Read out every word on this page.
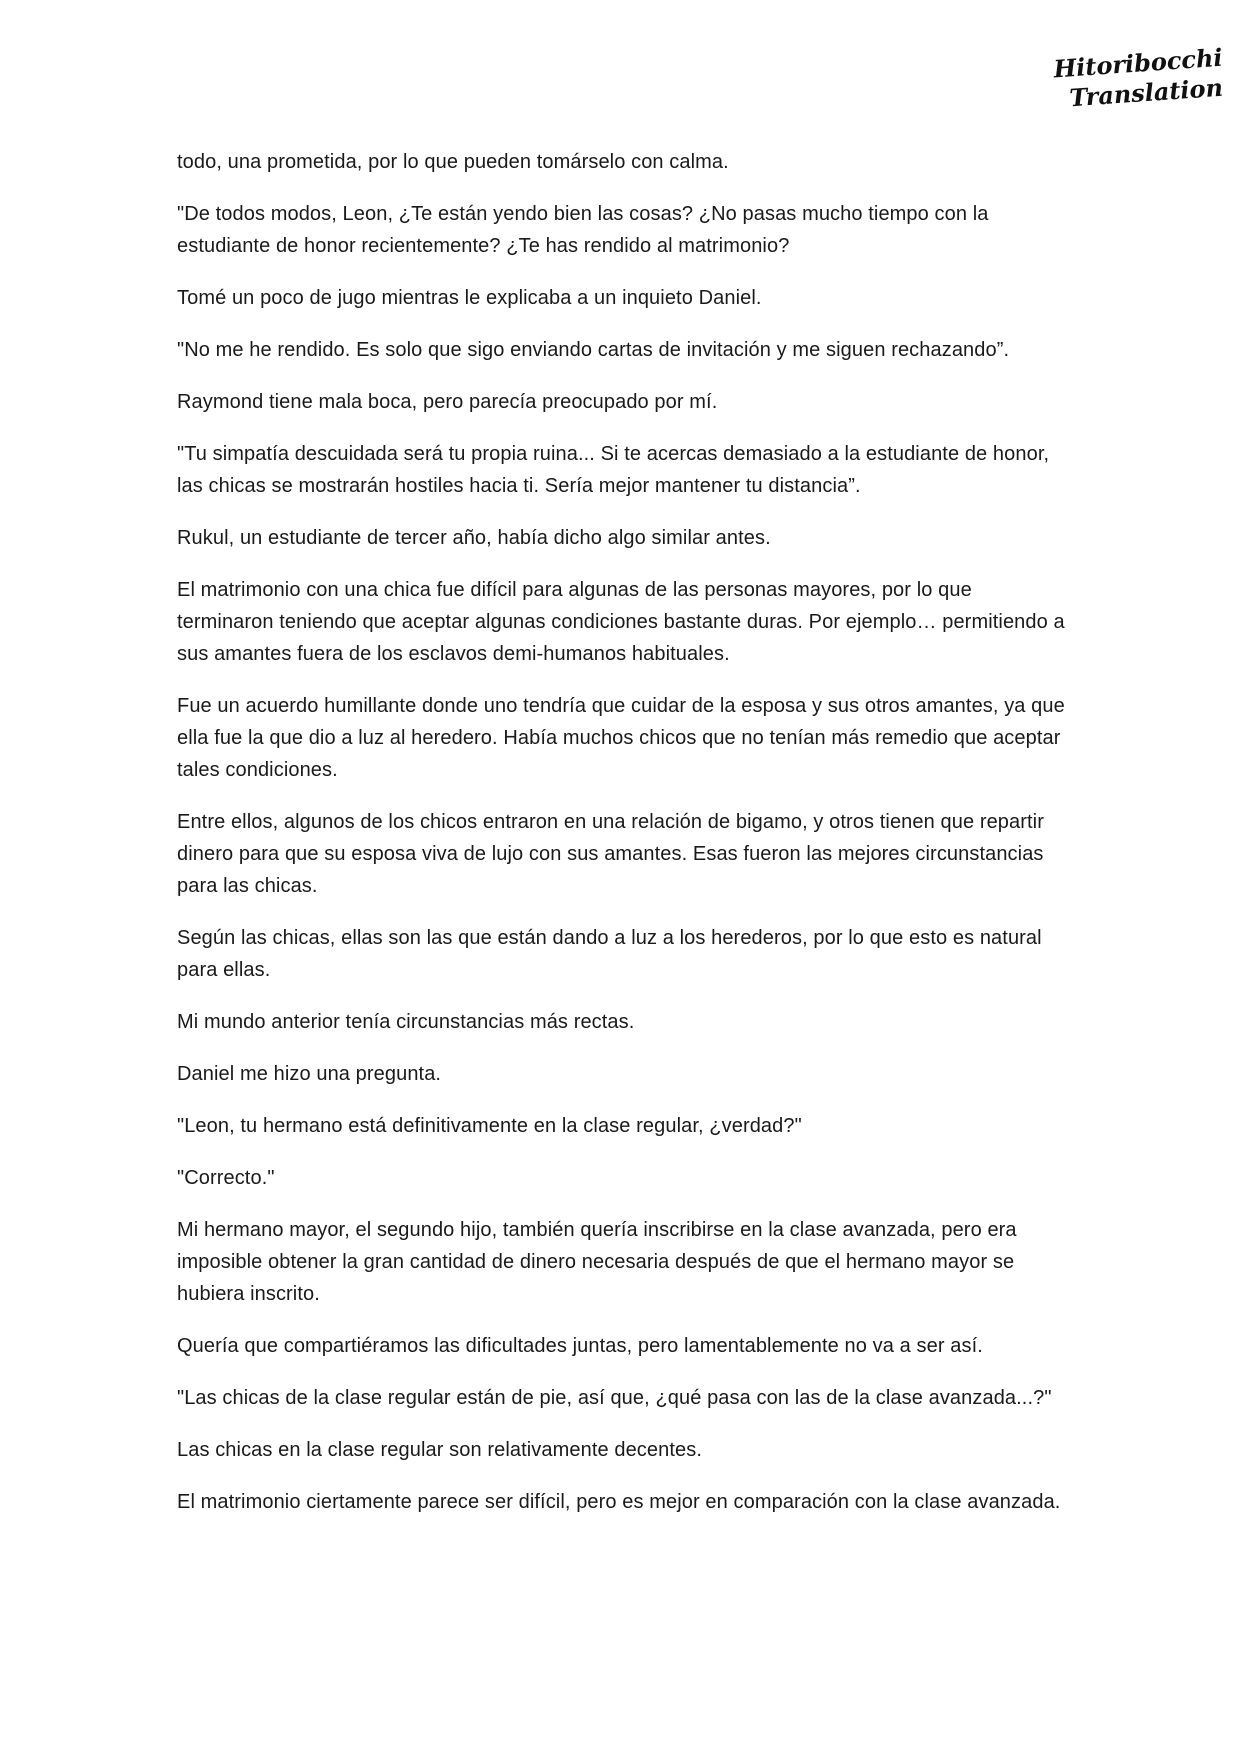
Hitoribocchi
Translation

todo, una prometida, por lo que pueden tomárselo con calma.

"De todos modos, Leon, ¿Te están yendo bien las cosas? ¿No pasas mucho tiempo con la estudiante de honor recientemente? ¿Te has rendido al matrimonio?

Tomé un poco de jugo mientras le explicaba a un inquieto Daniel.

"No me he rendido. Es solo que sigo enviando cartas de invitación y me siguen rechazando”.

Raymond tiene mala boca, pero parecía preocupado por mí.

"Tu simpatía descuidada será tu propia ruina... Si te acercas demasiado a la estudiante de honor, las chicas se mostrarán hostiles hacia ti. Sería mejor mantener tu distancia”.

Rukul, un estudiante de tercer año, había dicho algo similar antes.

El matrimonio con una chica fue difícil para algunas de las personas mayores, por lo que terminaron teniendo que aceptar algunas condiciones bastante duras. Por ejemplo… permitiendo a sus amantes fuera de los esclavos demi-humanos habituales.

Fue un acuerdo humillante donde uno tendría que cuidar de la esposa y sus otros amantes, ya que ella fue la que dio a luz al heredero. Había muchos chicos que no tenían más remedio que aceptar tales condiciones.

Entre ellos, algunos de los chicos entraron en una relación de bigamo, y otros tienen que repartir dinero para que su esposa viva de lujo con sus amantes. Esas fueron las mejores circunstancias para las chicas.

Según las chicas, ellas son las que están dando a luz a los herederos, por lo que esto es natural para ellas.

Mi mundo anterior tenía circunstancias más rectas.

Daniel me hizo una pregunta.

"Leon, tu hermano está definitivamente en la clase regular, ¿verdad?"

"Correcto."

Mi hermano mayor, el segundo hijo, también quería inscribirse en la clase avanzada, pero era imposible obtener la gran cantidad de dinero necesaria después de que el hermano mayor se hubiera inscrito.

Quería que compartiéramos las dificultades juntas, pero lamentablemente no va a ser así.

"Las chicas de la clase regular están de pie, así que, ¿qué pasa con las de la clase avanzada...?"

Las chicas en la clase regular son relativamente decentes.

El matrimonio ciertamente parece ser difícil, pero es mejor en comparación con la clase avanzada.
